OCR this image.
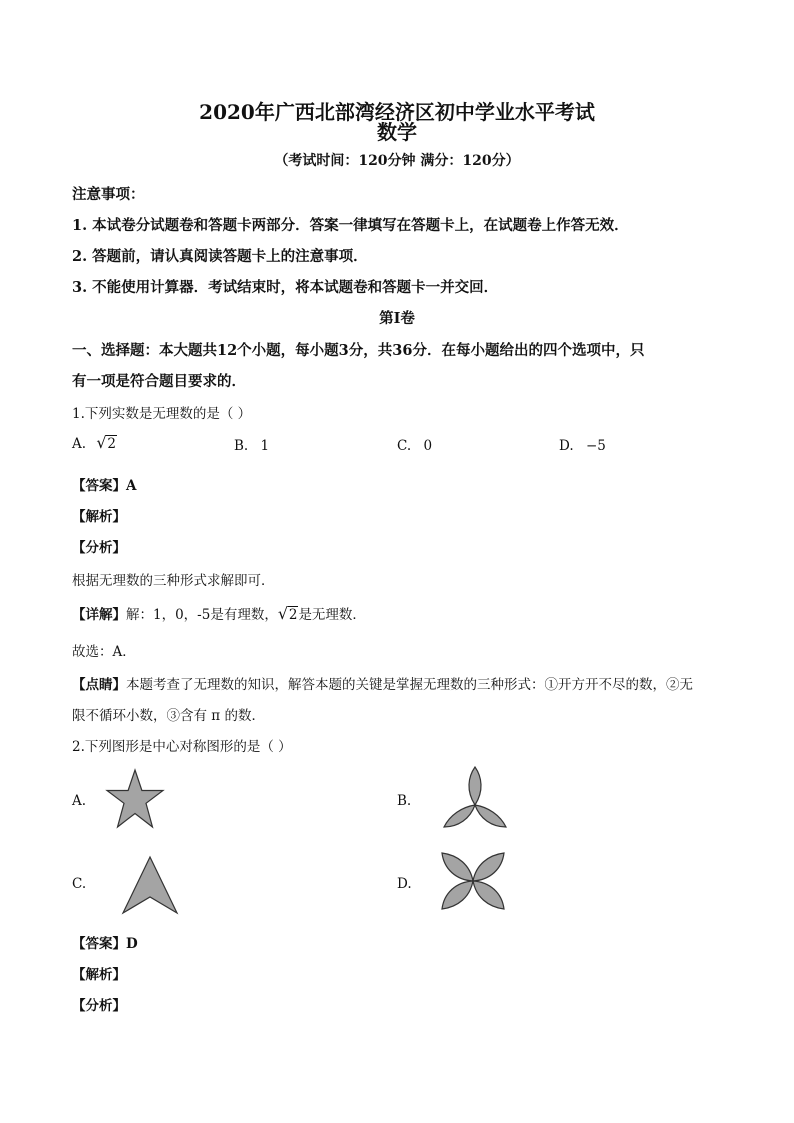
2020年广西北部湾经济区初中学业水平考试
数学
（考试时间：120分钟 满分：120分）
注意事项：
1. 本试卷分试题卷和答题卡两部分．答案一律填写在答题卡上，在试题卷上作答无效．
2. 答题前，请认真阅读答题卡上的注意事项．
3. 不能使用计算器．考试结束时，将本试题卷和答题卡一并交回．
第Ⅰ卷
一、选择题：本大题共12个小题，每小题3分，共36分．在每小题给出的四个选项中，只
有一项是符合题目要求的．
1.下列实数是无理数的是（ ）
A. √ 2	B. 1	C. 0	D. −5
【答案】A
【解析】
【分析】
根据无理数的三种形式求解即可．
【详解】解：1，0，-5是有理数， √ 2是无理数．
故选：A．
【点睛】本题考查了无理数的知识，解答本题的关键是掌握无理数的三种形式：①开方开不尽的数，②无
限不循环小数，③含有 π 的数．
2.下列图形是中心对称图形的是（ ）
A.	B.
C.	D.
【答案】D
【解析】
【分析】
